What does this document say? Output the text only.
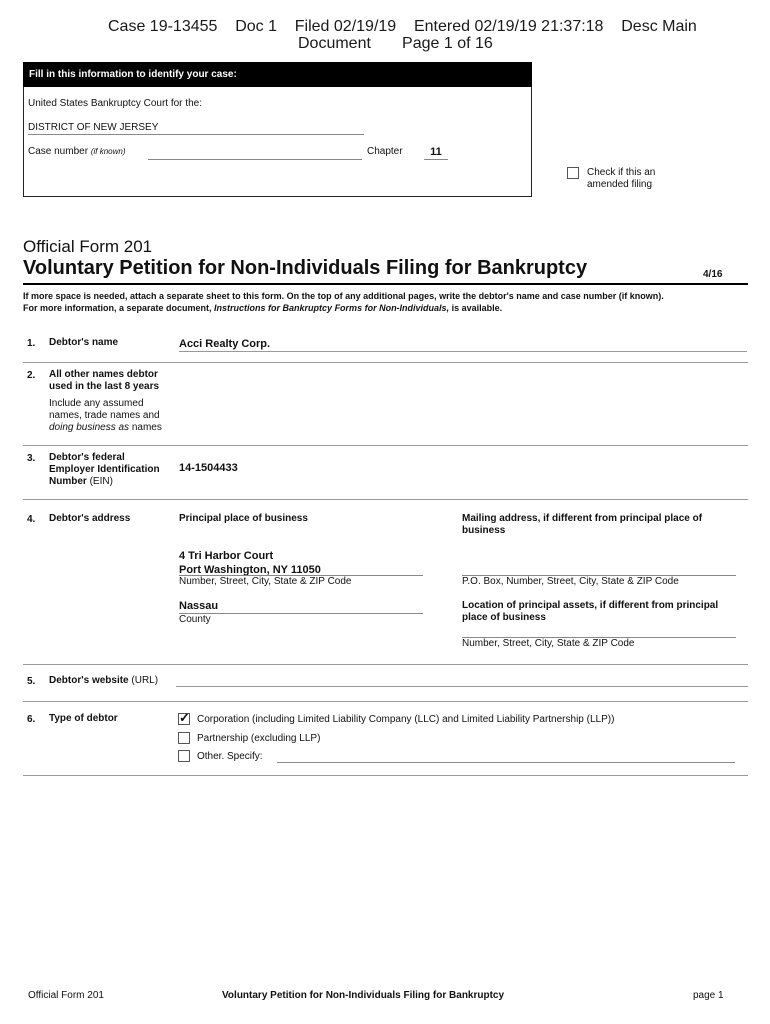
Case 19-13455    Doc 1    Filed 02/19/19    Entered 02/19/19 21:37:18    Desc Main
Document       Page 1 of 16
Fill in this information to identify your case:
United States Bankruptcy Court for the:
DISTRICT OF NEW JERSEY
Case number (if known)	Chapter	11
Check if this an
amended filing
Official Form 201
Voluntary Petition for Non-Individuals Filing for Bankruptcy	4/16
If more space is needed, attach a separate sheet to this form. On the top of any additional pages, write the debtor's name and case number (if known).
For more information, a separate document, Instructions for Bankruptcy Forms for Non-Individuals, is available.
1. Debtor's name	Acci Realty Corp.
2. All other names debtor
used in the last 8 years
Include any assumed
names, trade names and
doing business as names
3. Debtor's federal
Employer Identification
Number (EIN)
14-1504433
4. Debtor's address	Principal place of business	Mailing address, if different from principal place of
business
4 Tri Harbor Court
Port Washington, NY 11050
Number, Street, City, State & ZIP Code	P.O. Box, Number, Street, City, State & ZIP Code
Nassau
County
Location of principal assets, if different from principal
place of business
Number, Street, City, State & ZIP Code
5. Debtor's website (URL)
6. Type of debtor	✓ Corporation (including Limited Liability Company (LLC) and Limited Liability Partnership (LLP))
Partnership (excluding LLP)
Other. Specify:
Official Form 201	Voluntary Petition for Non-Individuals Filing for Bankruptcy	page 1
